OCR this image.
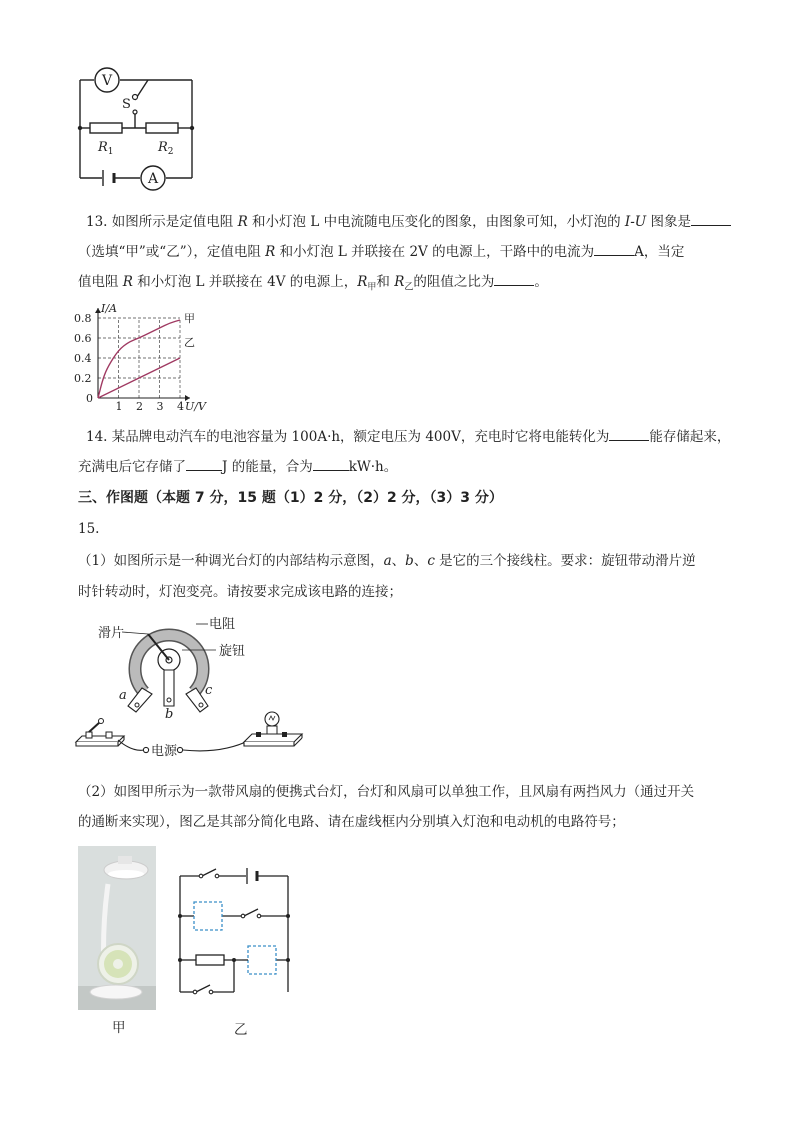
V
A
S
$R_1$	$R_2$
13. 如图所示是定值电阻 R 和小灯泡 L 中电流随电压变化的图象，由图象可知，小灯泡的 I-U 图象是
（选填“甲”或“乙”），定值电阻 R 和小灯泡 L 并联接在 2V 的电源上，干路中的电流为	A，当定
值电阻 R 和小灯泡 L 并联接在 4V 的电源上，$R_甲$和 $R_乙$的阻值之比为	。
1 2 3 4
0.8
0.6
0.4
0.2
0
I/A
U/V
甲
乙
14. 某品牌电动汽车的电池容量为 100A·h，额定电压为 400V，充电时它将电能转化为	能存储起来，
充满电后它存储了	J 的能量，合为	kW·h。
三、作图题（本题 7 分，15 题（1）2 分，（2）2 分，（3）3 分）
15.
（1）如图所示是一种调光台灯的内部结构示意图，a、b、c 是它的三个接线柱。要求：旋钮带动滑片逆
时针转动时，灯泡变亮。请按要求完成该电路的连接；
滑片
电阻
旋钮
a
b
c
电源
（2）如图甲所示为一款带风扇的便携式台灯，台灯和风扇可以单独工作，且风扇有两挡风力（通过开关
的通断来实现），图乙是其部分简化电路、请在虚线框内分别填入灯泡和电动机的电路符号；
甲	乙
